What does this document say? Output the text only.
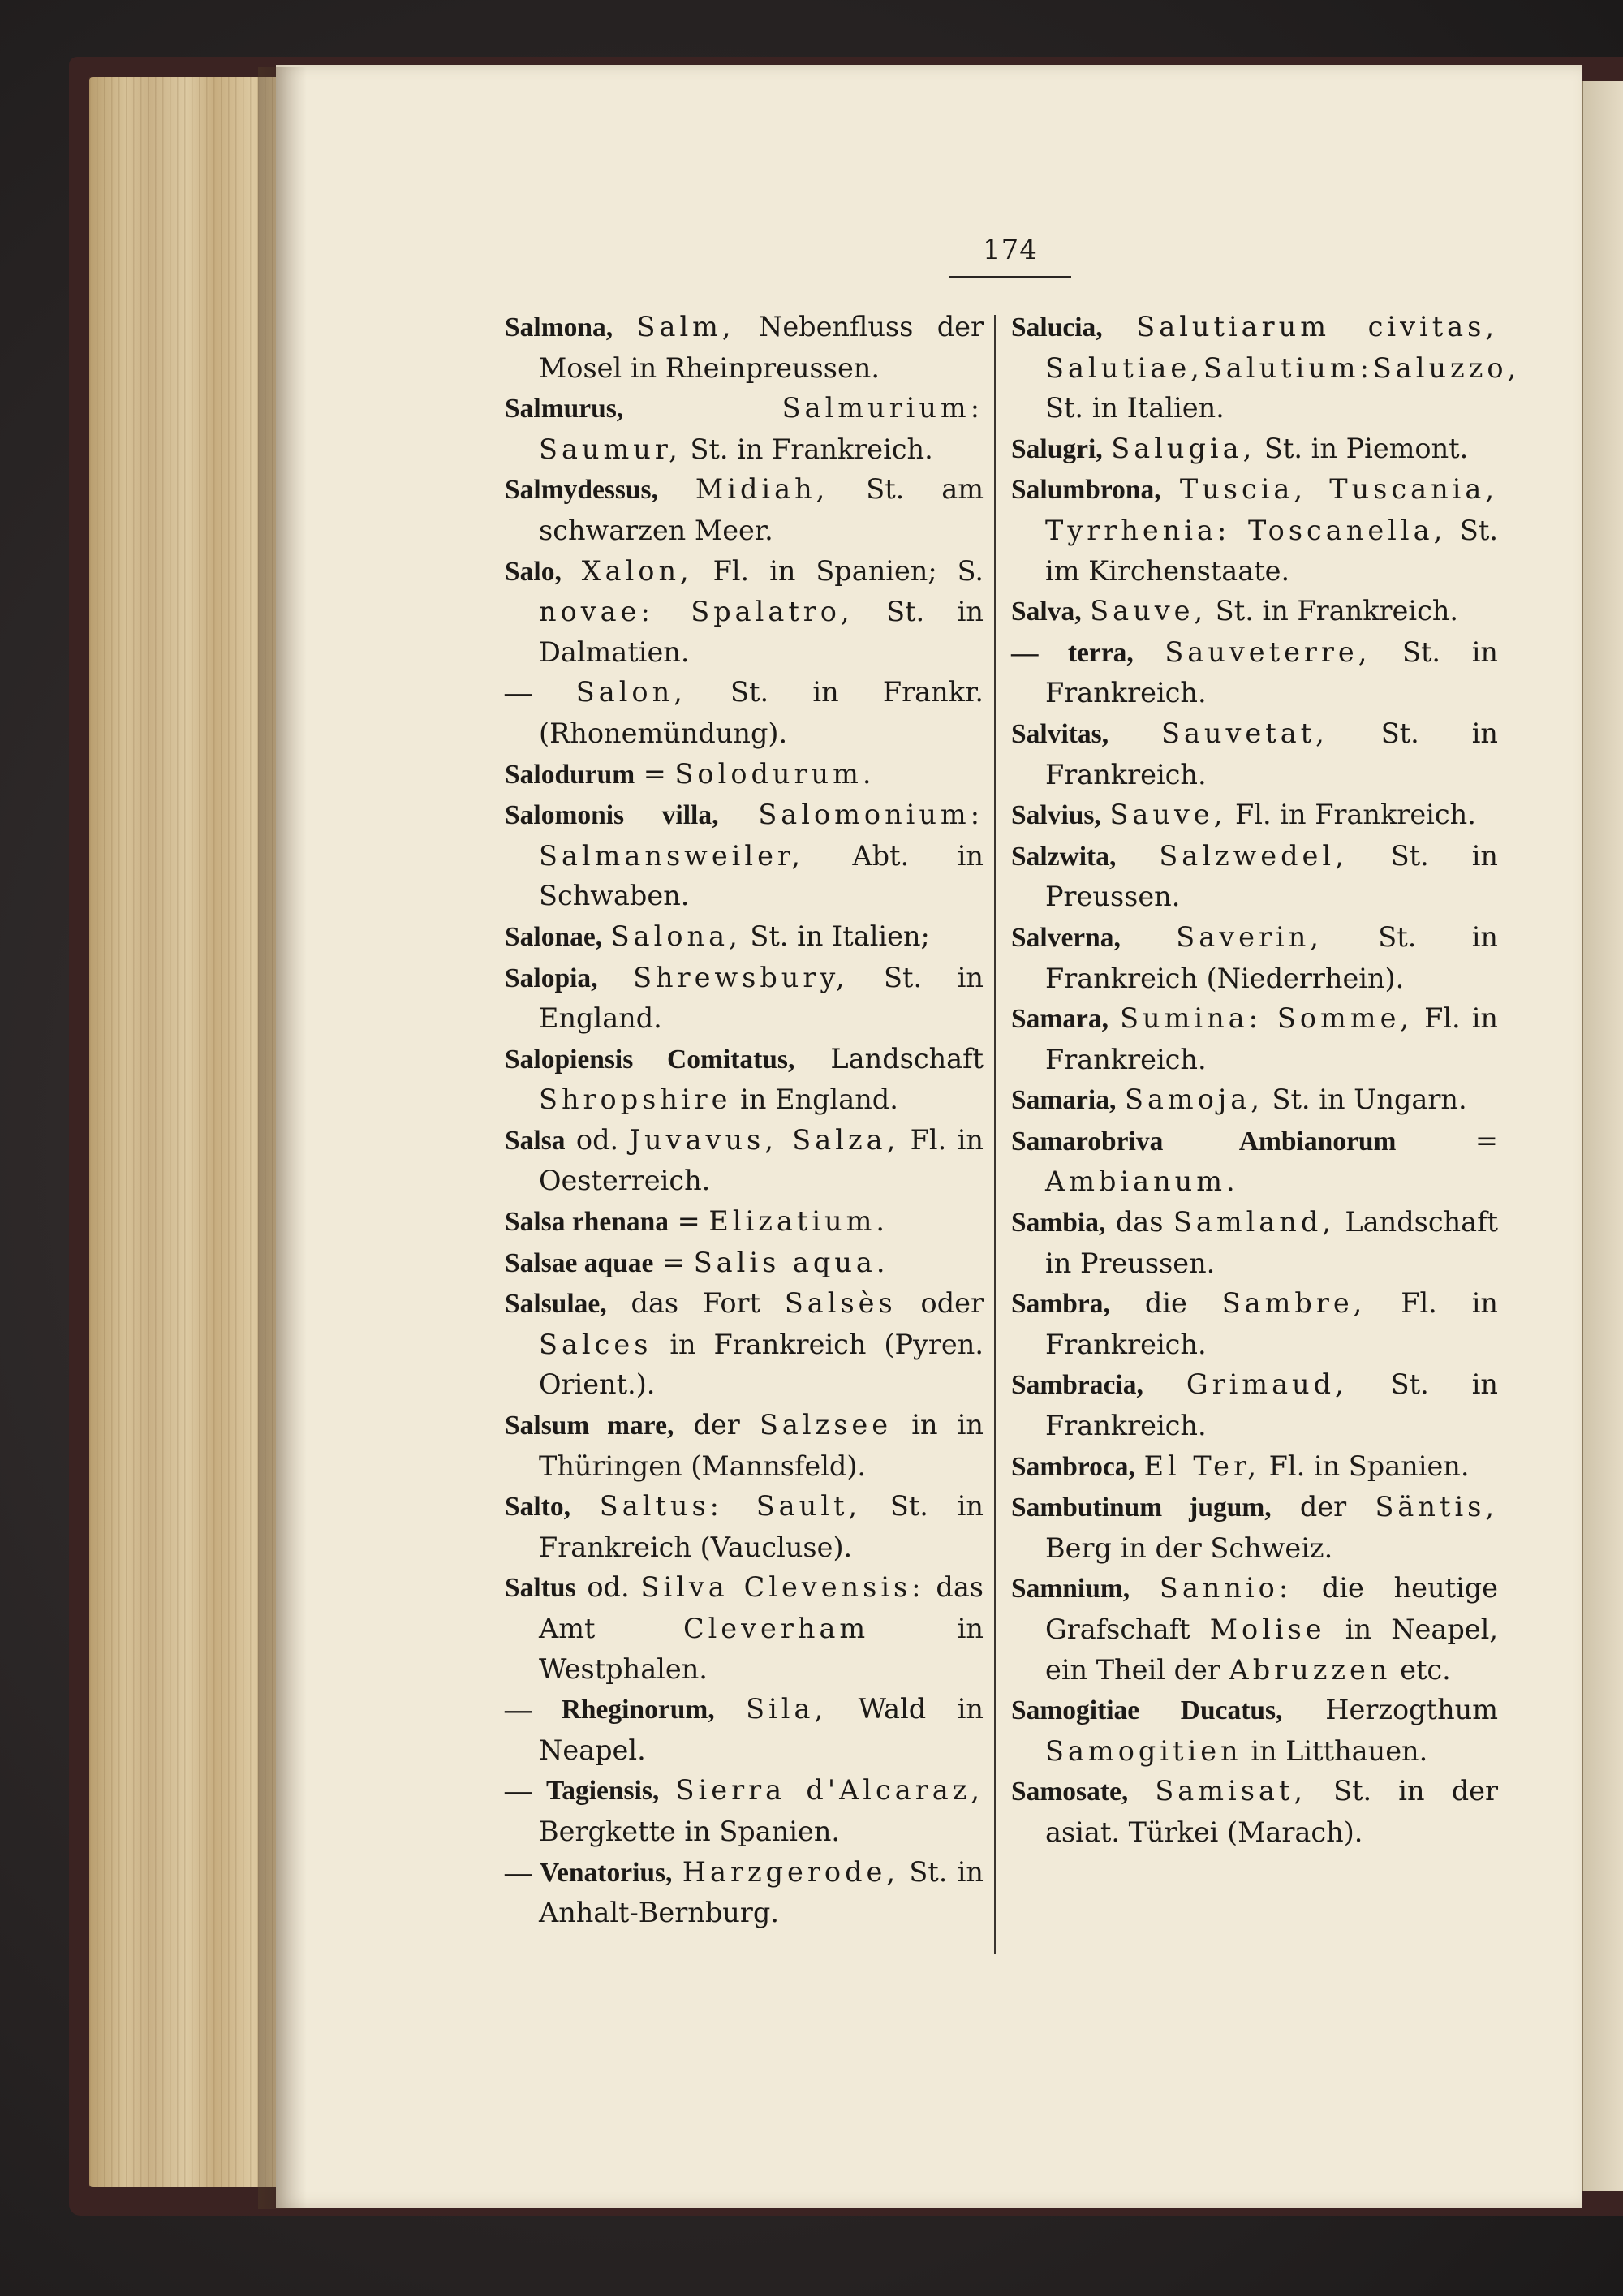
174

Salmona, Salm, Nebenfluss der Mosel in Rheinpreussen.

Salmurus,	Salmurium: Saumur, St. in Frankreich.

Salmydessus, Midiah, St. am schwarzen Meer.

Salo, Xalon, Fl. in Spanien; S. novae: Spalatro, St. in Dalmatien.

— Salon, St. in Frankr. (Rhonemündung).

Salodurum = Solodurum.

Salomonis villa, Salomonium: Salmansweiler, Abt. in Schwaben.

Salonae, Salona, St. in Italien;

Salopia, Shrewsbury, St. in England.

Salopiensis Comitatus, Landschaft Shropshire in England.

Salsa od. Juvavus, Salza, Fl. in Oesterreich.

Salsa rhenana = Elizatium.

Salsae aquae = Salis aqua.

Salsulae, das Fort Salsès oder Salces in Frankreich (Pyren. Orient.).

Salsum mare, der Salzsee in in Thüringen (Mannsfeld).

Salto, Saltus: Sault, St. in Frankreich (Vaucluse).

Saltus od. Silva Clevensis: das Amt Cleverham in Westphalen.

— Rheginorum, Sila, Wald in Neapel.

— Tagiensis, Sierra d'Alcaraz, Bergkette in Spanien.

— Venatorius, Harzgerode, St. in Anhalt-Bernburg.

Salucia, Salutiarum civitas, Salutiae,Salutium:Saluzzo, St. in Italien.

Salugri, Salugia, St. in Piemont.

Salumbrona, Tuscia, Tuscania, Tyrrhenia: Toscanella, St. im Kirchenstaate.

Salva, Sauve, St. in Frankreich.

— terra, Sauveterre, St. in Frankreich.

Salvitas, Sauvetat, St. in Frankreich.

Salvius, Sauve, Fl. in Frankreich.

Salzwita, Salzwedel, St. in Preussen.

Salverna, Saverin, St. in Frankreich (Niederrhein).

Samara, Sumina: Somme, Fl. in Frankreich.

Samaria, Samoja, St. in Ungarn.

Samarobriva Ambianorum = Ambianum.

Sambia, das Samland, Landschaft in Preussen.

Sambra, die Sambre, Fl. in Frankreich.

Sambracia, Grimaud, St. in Frankreich.

Sambroca, El Ter, Fl. in Spanien.

Sambutinum jugum, der Säntis, Berg in der Schweiz.

Samnium, Sannio: die heutige Grafschaft Molise in Neapel, ein Theil der Abruzzen etc.

Samogitiae Ducatus, Herzogthum Samogitien in Litthauen.

Samosate, Samisat, St. in der asiat. Türkei (Marach).
